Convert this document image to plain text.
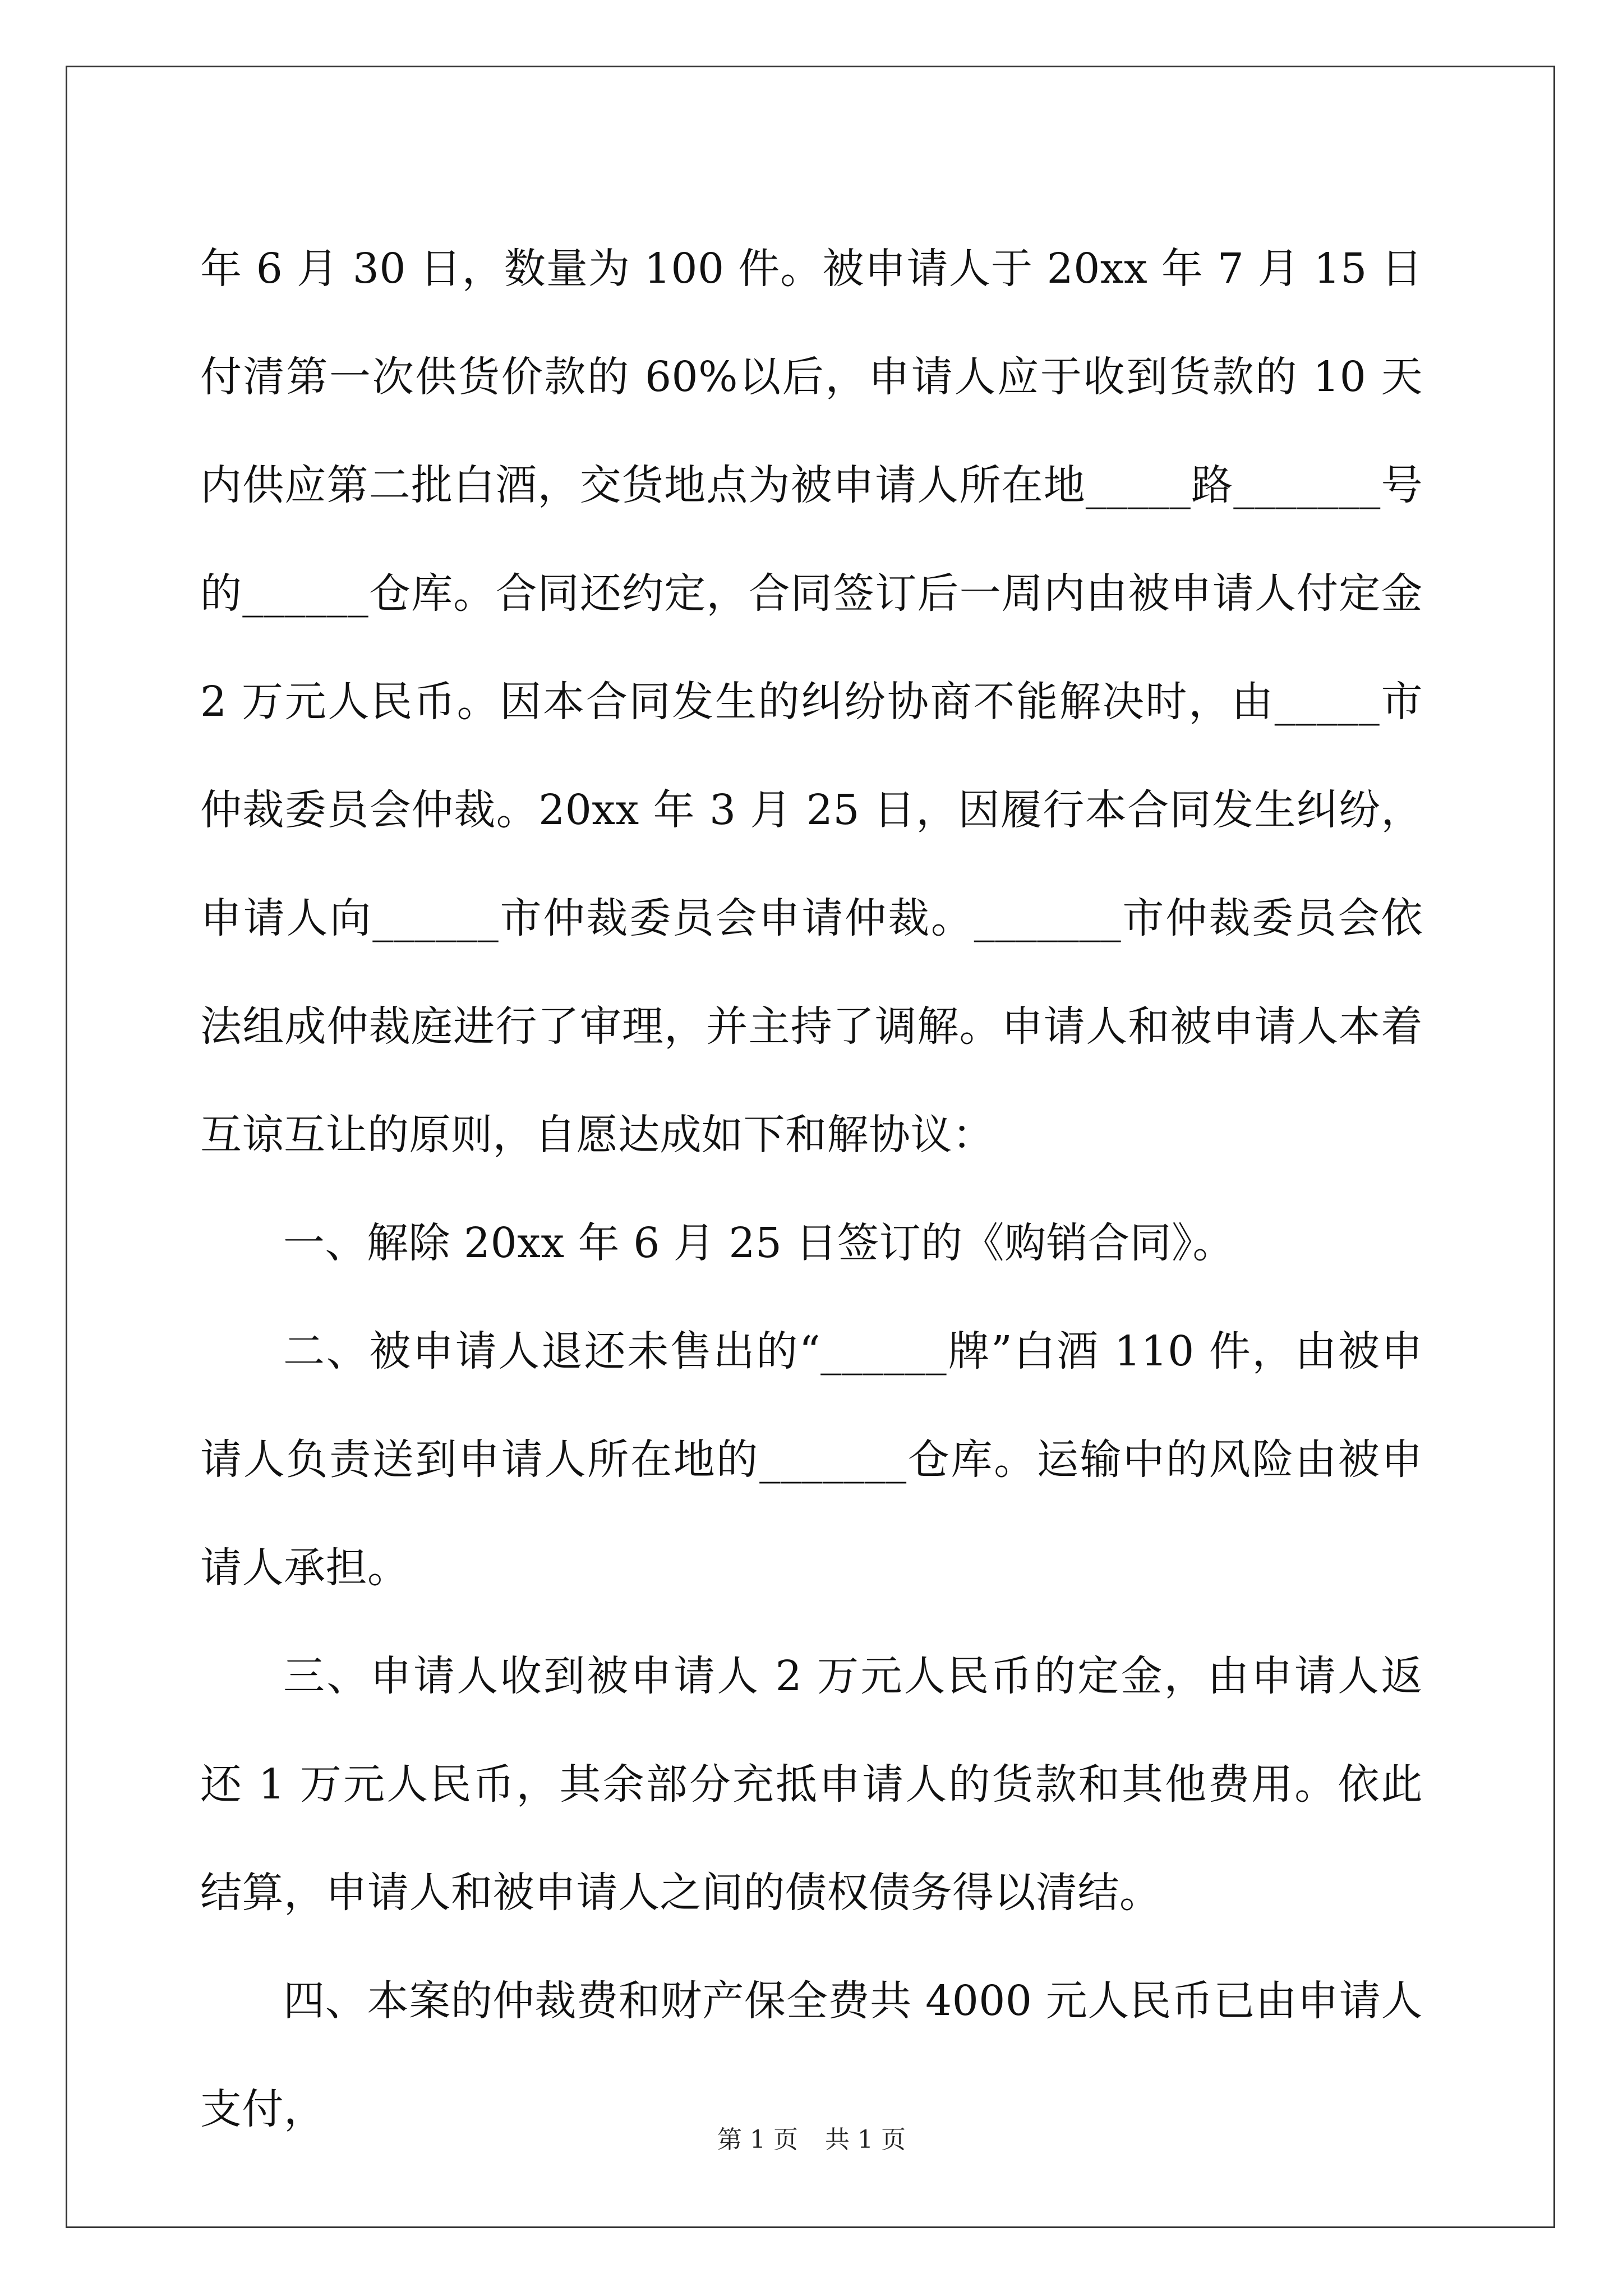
年 6 月 30 日，数量为 100 件。被申请人于 20xx 年 7 月 15 日付清第一次供货价款的 60%以后，申请人应于收到货款的 10 天内供应第二批白酒，交货地点为被申请人所在地_____路_______号的______仓库。合同还约定，合同签订后一周内由被申请人付定金 2 万元人民币。因本合同发生的纠纷协商不能解决时，由_____市仲裁委员会仲裁。20xx 年 3 月 25 日，因履行本合同发生纠纷，申请人向______市仲裁委员会申请仲裁。_______市仲裁委员会依法组成仲裁庭进行了审理，并主持了调解。申请人和被申请人本着互谅互让的原则，自愿达成如下和解协议：

一、解除 20xx 年 6 月 25 日签订的《购销合同》。

二、被申请人退还未售出的“______牌”白酒 110 件，由被申请人负责送到申请人所在地的_______仓库。运输中的风险由被申请人承担。

三、申请人收到被申请人 2 万元人民币的定金，由申请人返还 1 万元人民币，其余部分充抵申请人的货款和其他费用。依此结算，申请人和被申请人之间的债权债务得以清结。

四、本案的仲裁费和财产保全费共 4000 元人民币已由申请人支付，

第 1 页 共 1 页
